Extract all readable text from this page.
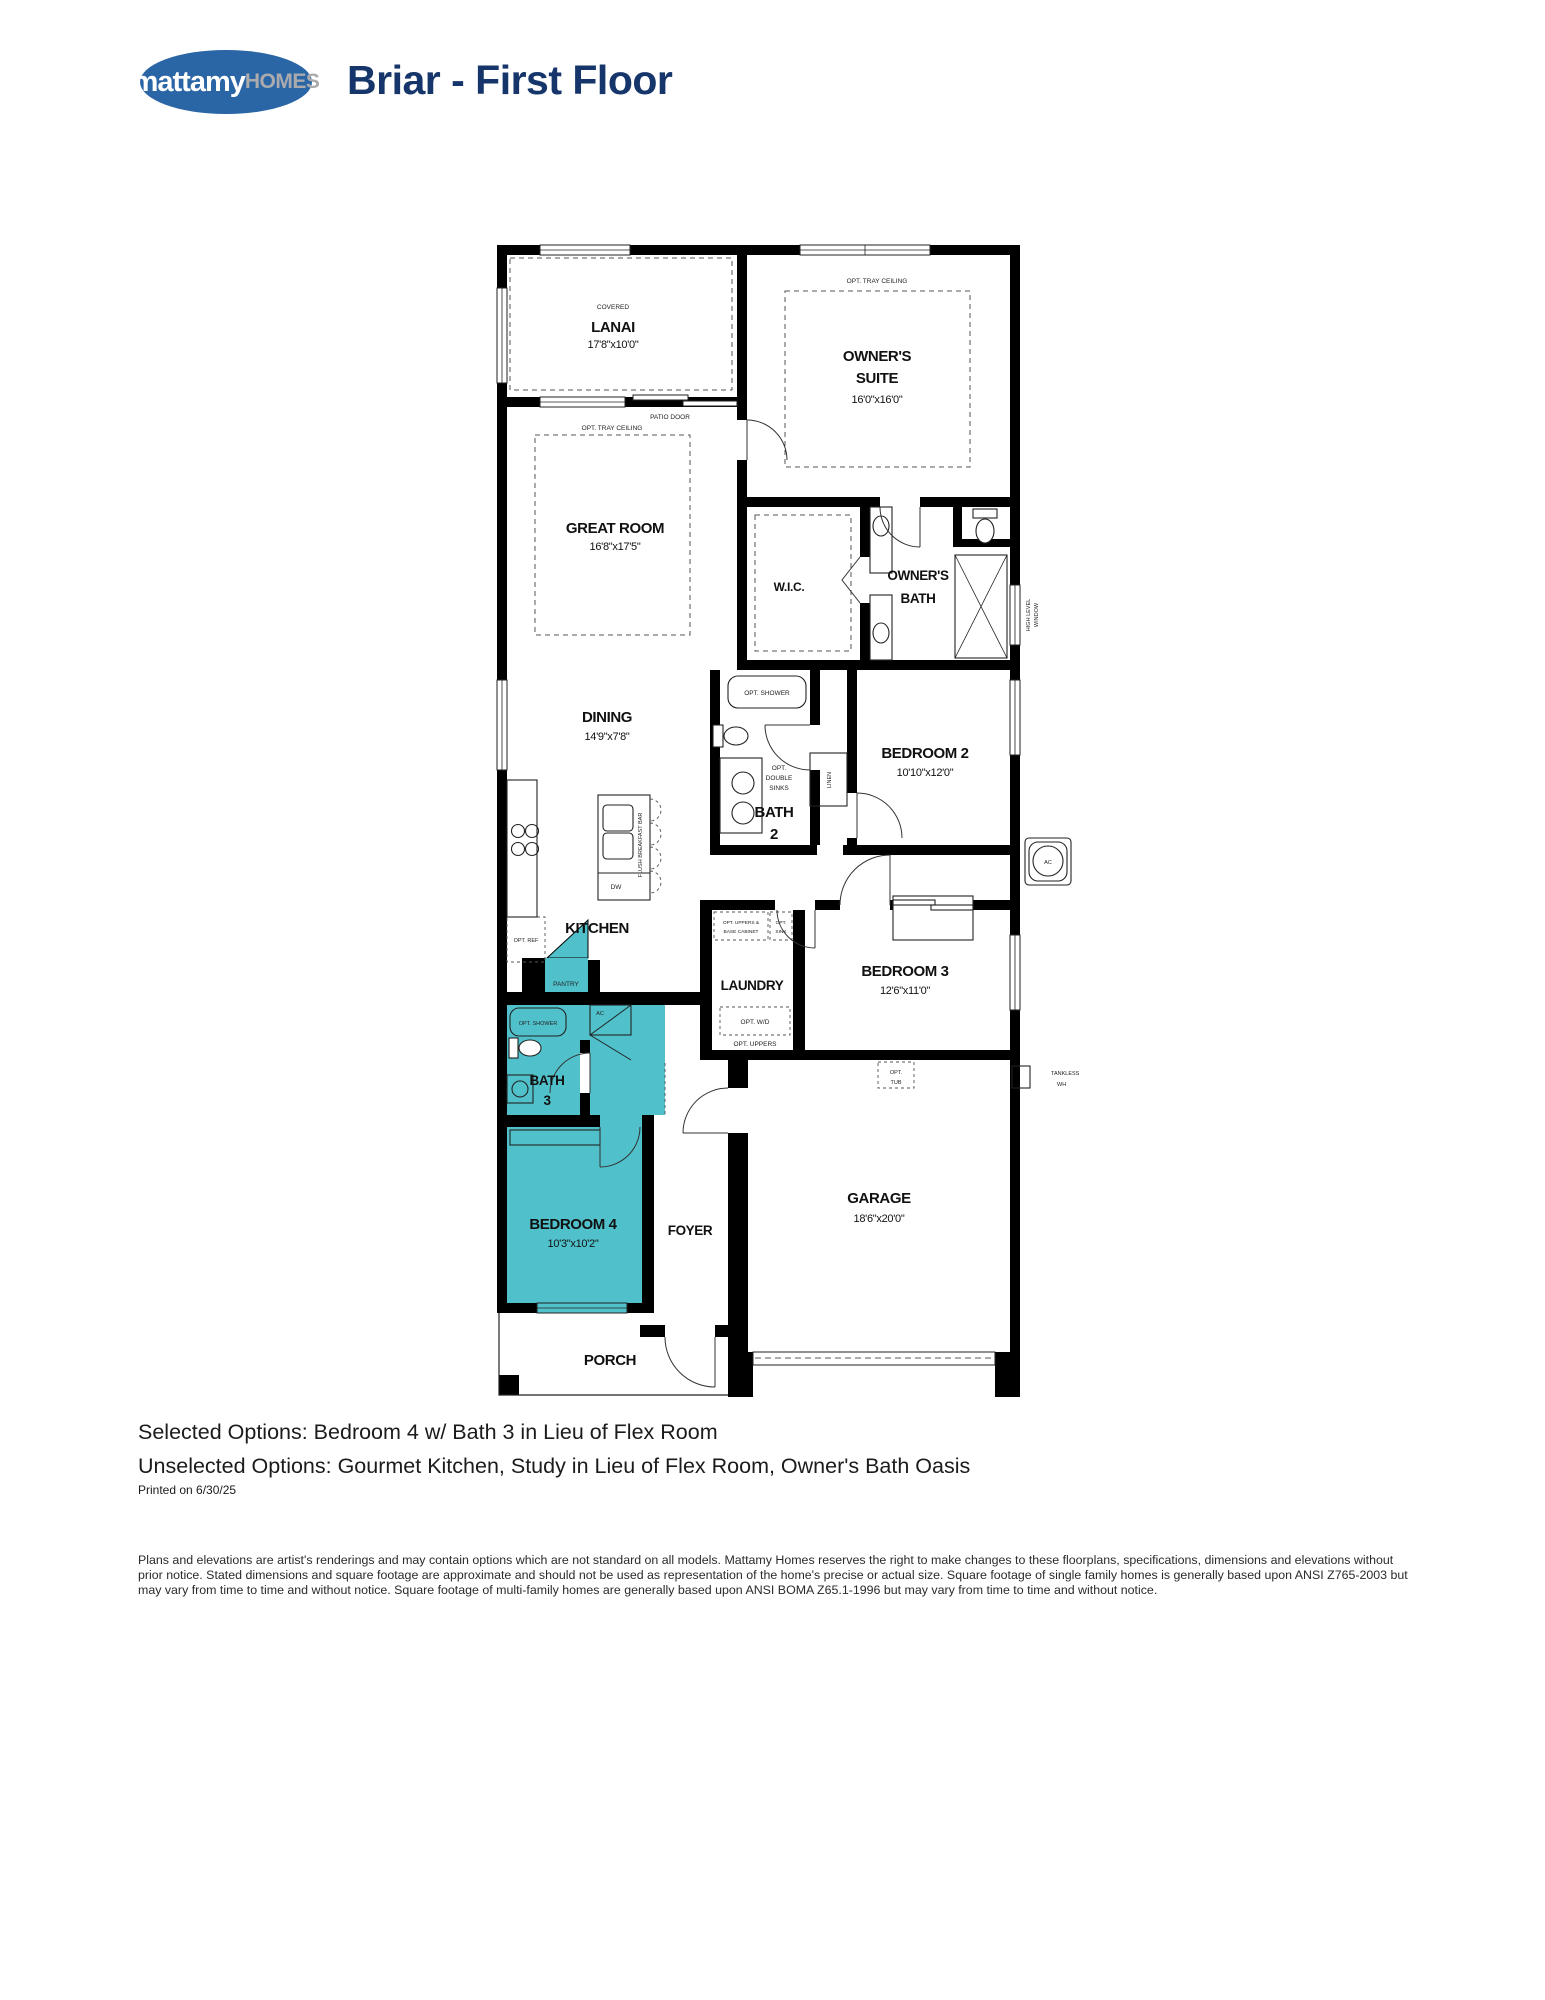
mattamy HOMES Briar - First Floor
COVERED
LANAI
17'8"x10'0"
PATIO DOOR
OPT. TRAY CEILING
GREAT ROOM
16'8"x17'5"
OPT. TRAY CEILING
OWNER'S
SUITE
16'0"x16'0"
W.I.C.
OWNER'S
BATH
HIGH LEVEL WINDOW
DINING
14'9"x7'8"
OPT. SHOWER
OPT.
DOUBLE
SINKS
BATH
2
LINEN
BEDROOM 2
10'10"x12'0"
KITCHEN
OPT. REF
DW
FLUSH BREAKFAST BAR
PANTRY
OPT. SHOWER
AC
BATH
3
LAUNDRY
OPT. UPPERS &
BASE CABINET
OPT.
SINK
OPT. W/D
OPT. UPPERS
BEDROOM 3
12'6"x11'0"
OPT.
TUB
TANKLESS
WH
AC
BEDROOM 4
10'3"x10'2"
FOYER
GARAGE
18'6"x20'0"
PORCH
Selected Options: Bedroom 4 w/ Bath 3 in Lieu of Flex Room
Unselected Options: Gourmet Kitchen, Study in Lieu of Flex Room, Owner's Bath Oasis
Printed on 6/30/25
Plans and elevations are artist's renderings and may contain options which are not standard on all models. Mattamy Homes reserves the right to make changes to these floorplans, specifications, dimensions and elevations without prior notice. Stated dimensions and square footage are approximate and should not be used as representation of the home's precise or actual size. Square footage of single family homes is generally based upon ANSI Z765-2003 but may vary from time to time and without notice. Square footage of multi-family homes are generally based upon ANSI BOMA Z65.1-1996 but may vary from time to time and without notice.
